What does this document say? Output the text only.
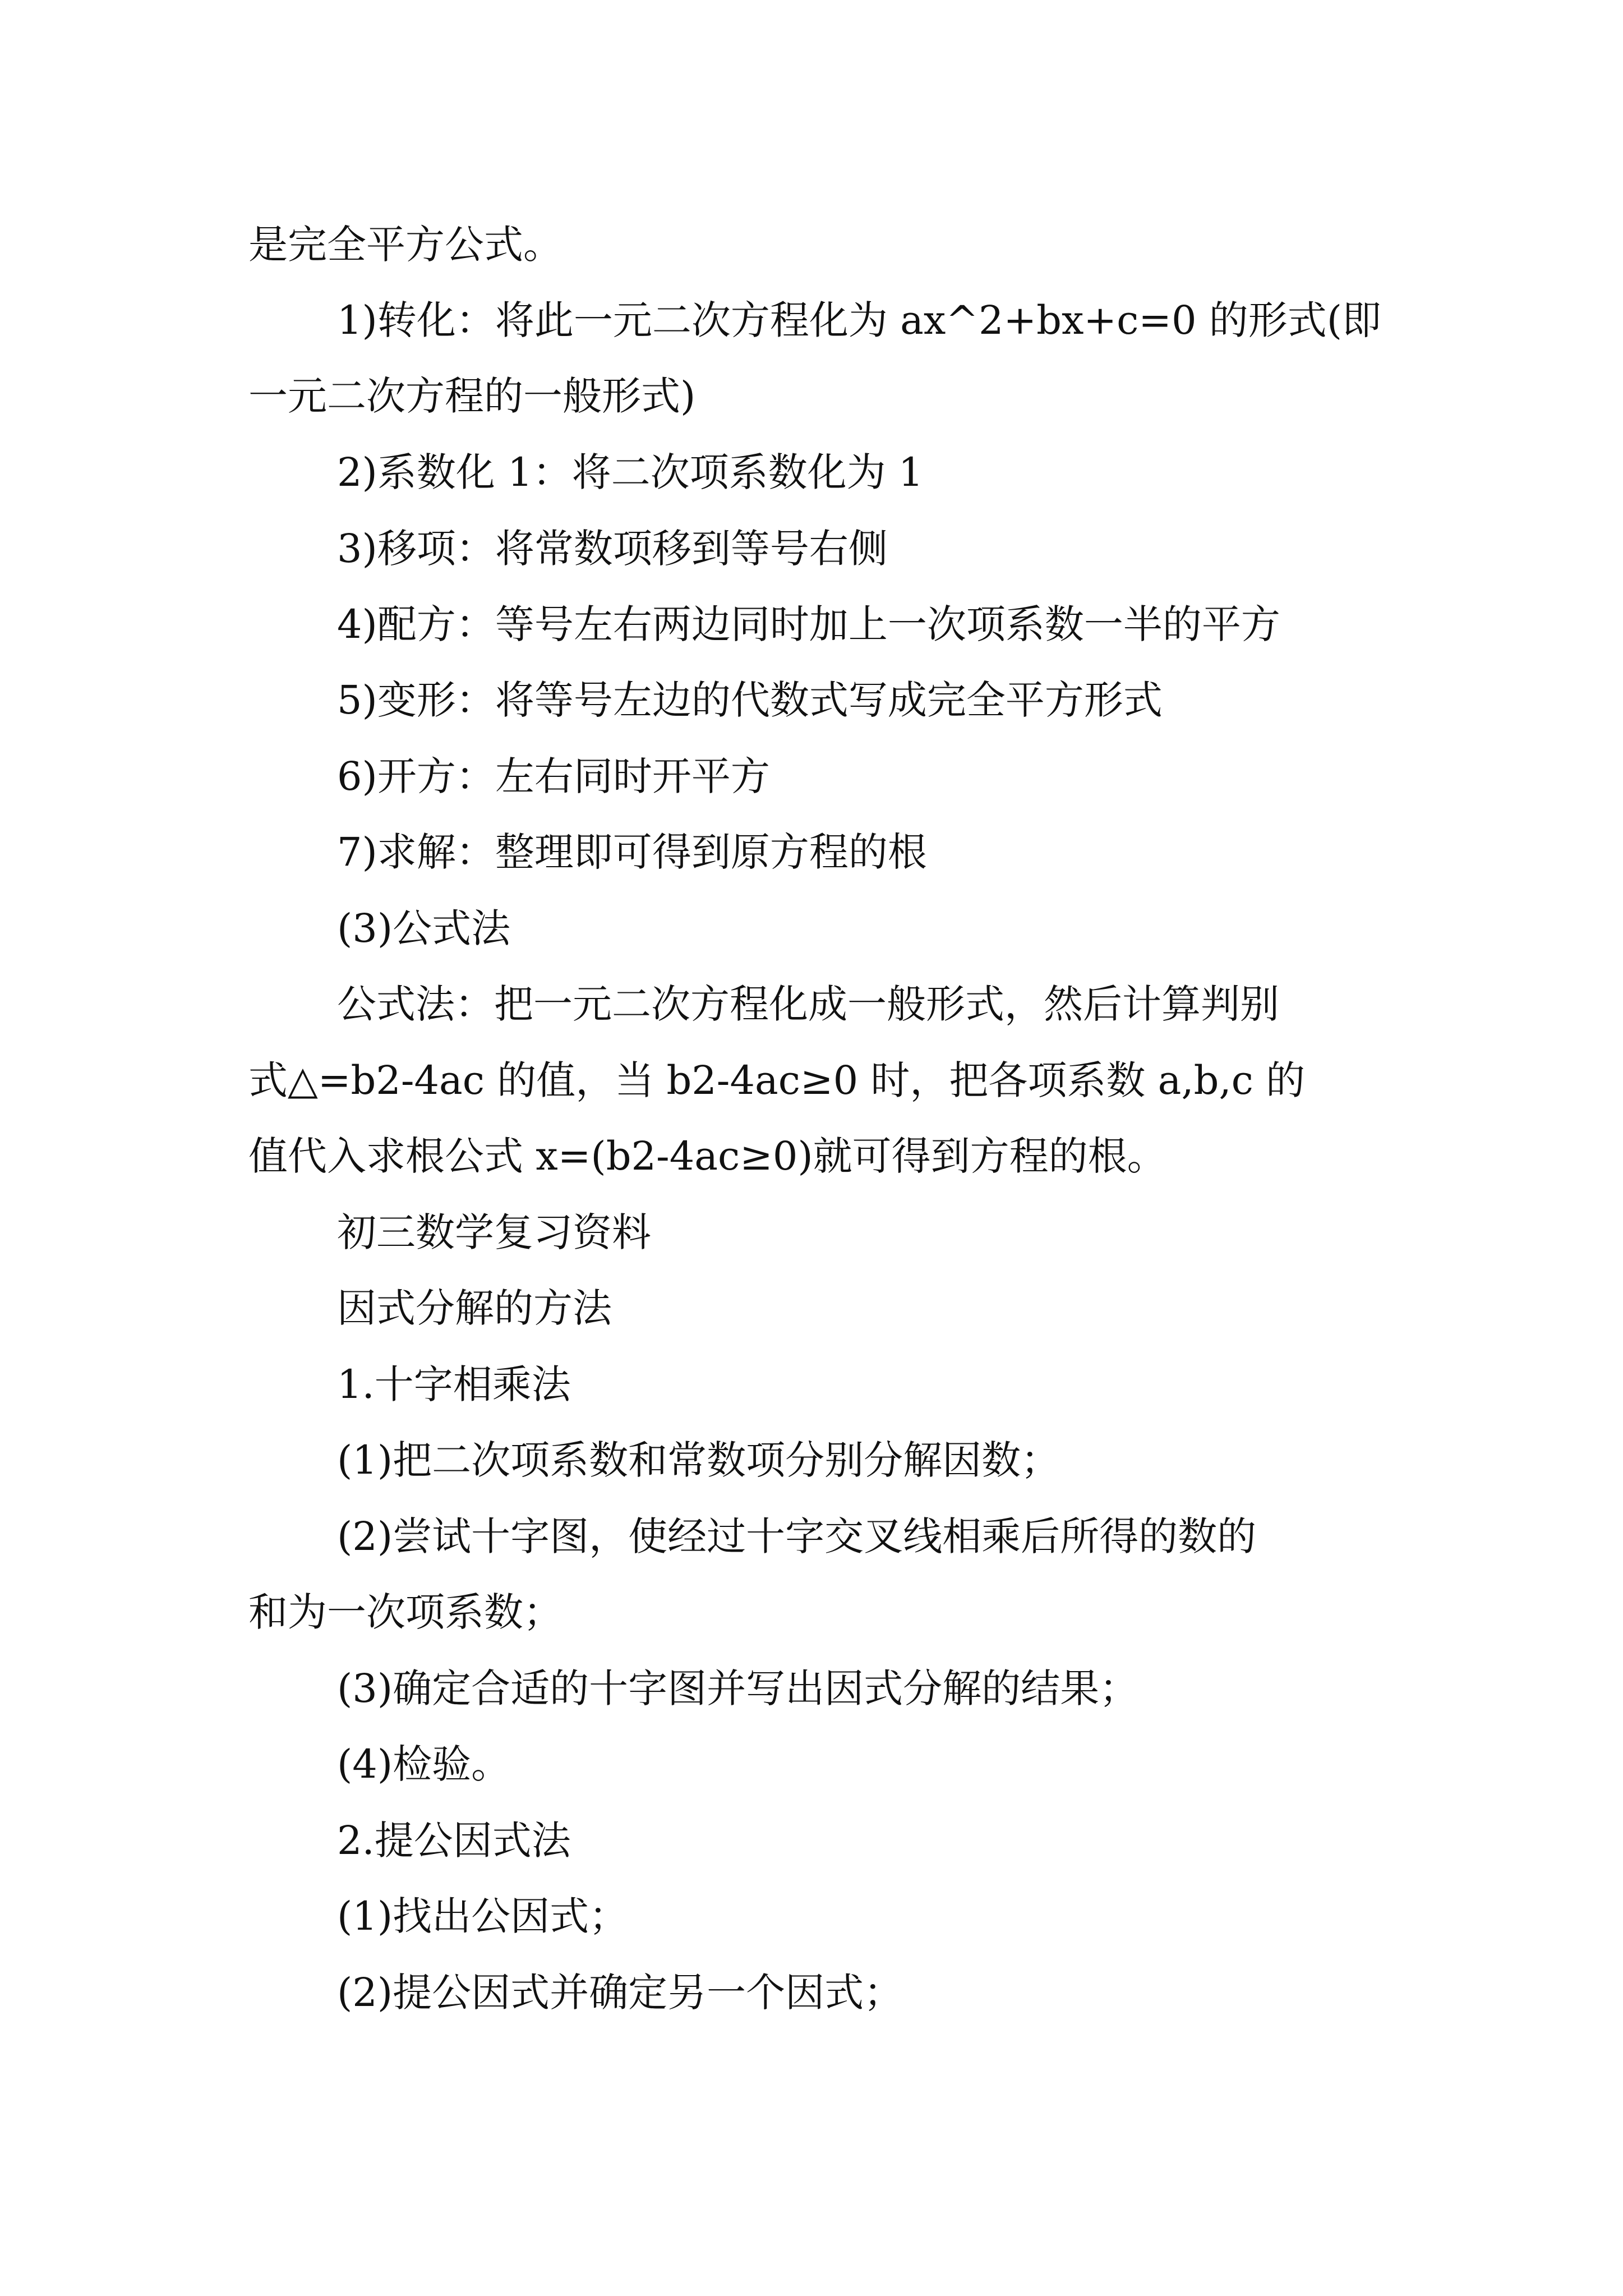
是完全平方公式。
1)转化：将此一元二次方程化为 ax^2+bx+c=0 的形式(即
一元二次方程的一般形式)
2)系数化 1：将二次项系数化为 1
3)移项：将常数项移到等号右侧
4)配方：等号左右两边同时加上一次项系数一半的平方
5)变形：将等号左边的代数式写成完全平方形式
6)开方：左右同时开平方
7)求解：整理即可得到原方程的根
(3)公式法
公式法：把一元二次方程化成一般形式，然后计算判别
式△=b2-4ac 的值，当 b2-4ac≥0 时，把各项系数 a,b,c 的
值代入求根公式 x=(b2-4ac≥0)就可得到方程的根。
初三数学复习资料
因式分解的方法
1.十字相乘法
(1)把二次项系数和常数项分别分解因数；
(2)尝试十字图，使经过十字交叉线相乘后所得的数的
和为一次项系数；
(3)确定合适的十字图并写出因式分解的结果；
(4)检验。
2.提公因式法
(1)找出公因式；
(2)提公因式并确定另一个因式；
